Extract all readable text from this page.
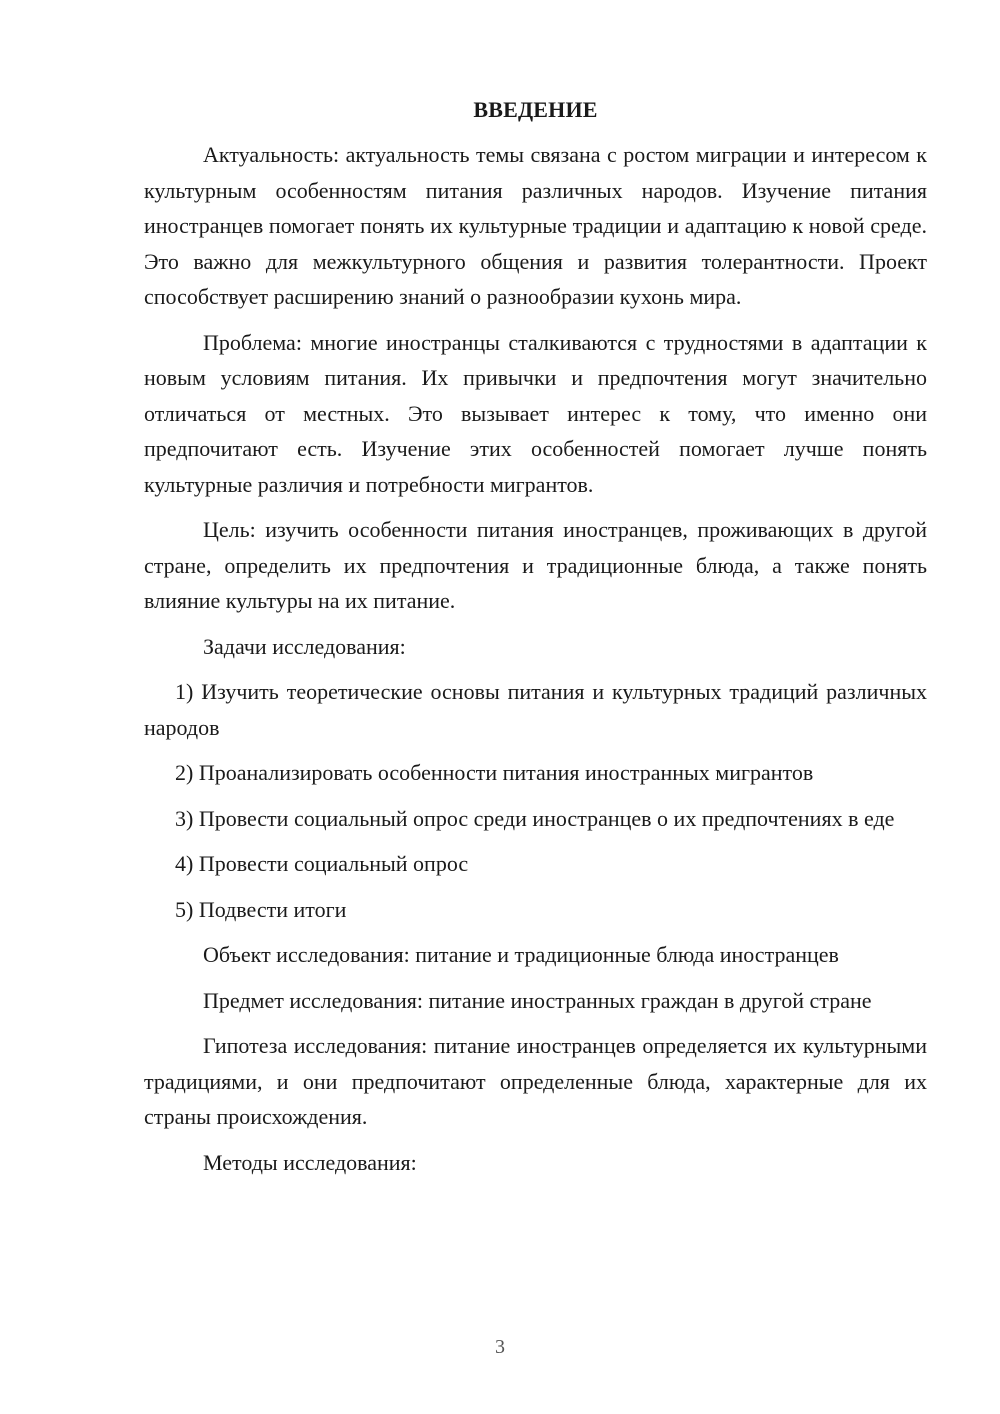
ВВЕДЕНИЕ

Актуальность: актуальность темы связана с ростом миграции и интересом к культурным особенностям питания различных народов. Изучение питания иностранцев помогает понять их культурные традиции и адаптацию к новой среде. Это важно для межкультурного общения и развития толерантности. Проект способствует расширению знаний о разнообразии кухонь мира.

Проблема: многие иностранцы сталкиваются с трудностями в адаптации к новым условиям питания. Их привычки и предпочтения могут значительно отличаться от местных. Это вызывает интерес к тому, что именно они предпочитают есть. Изучение этих особенностей помогает лучше понять культурные различия и потребности мигрантов.

Цель: изучить особенности питания иностранцев, проживающих в другой стране, определить их предпочтения и традиционные блюда, а также понять влияние культуры на их питание.

Задачи исследования:

1) Изучить теоретические основы питания и культурных традиций различных народов

2) Проанализировать особенности питания иностранных мигрантов

3) Провести социальный опрос среди иностранцев о их предпочтениях в еде

4) Провести социальный опрос

5) Подвести итоги

Объект исследования: питание и традиционные блюда иностранцев

Предмет исследования: питание иностранных граждан в другой стране

Гипотеза исследования: питание иностранцев определяется их культурными традициями, и они предпочитают определенные блюда, характерные для их страны происхождения.

Методы исследования:

3
